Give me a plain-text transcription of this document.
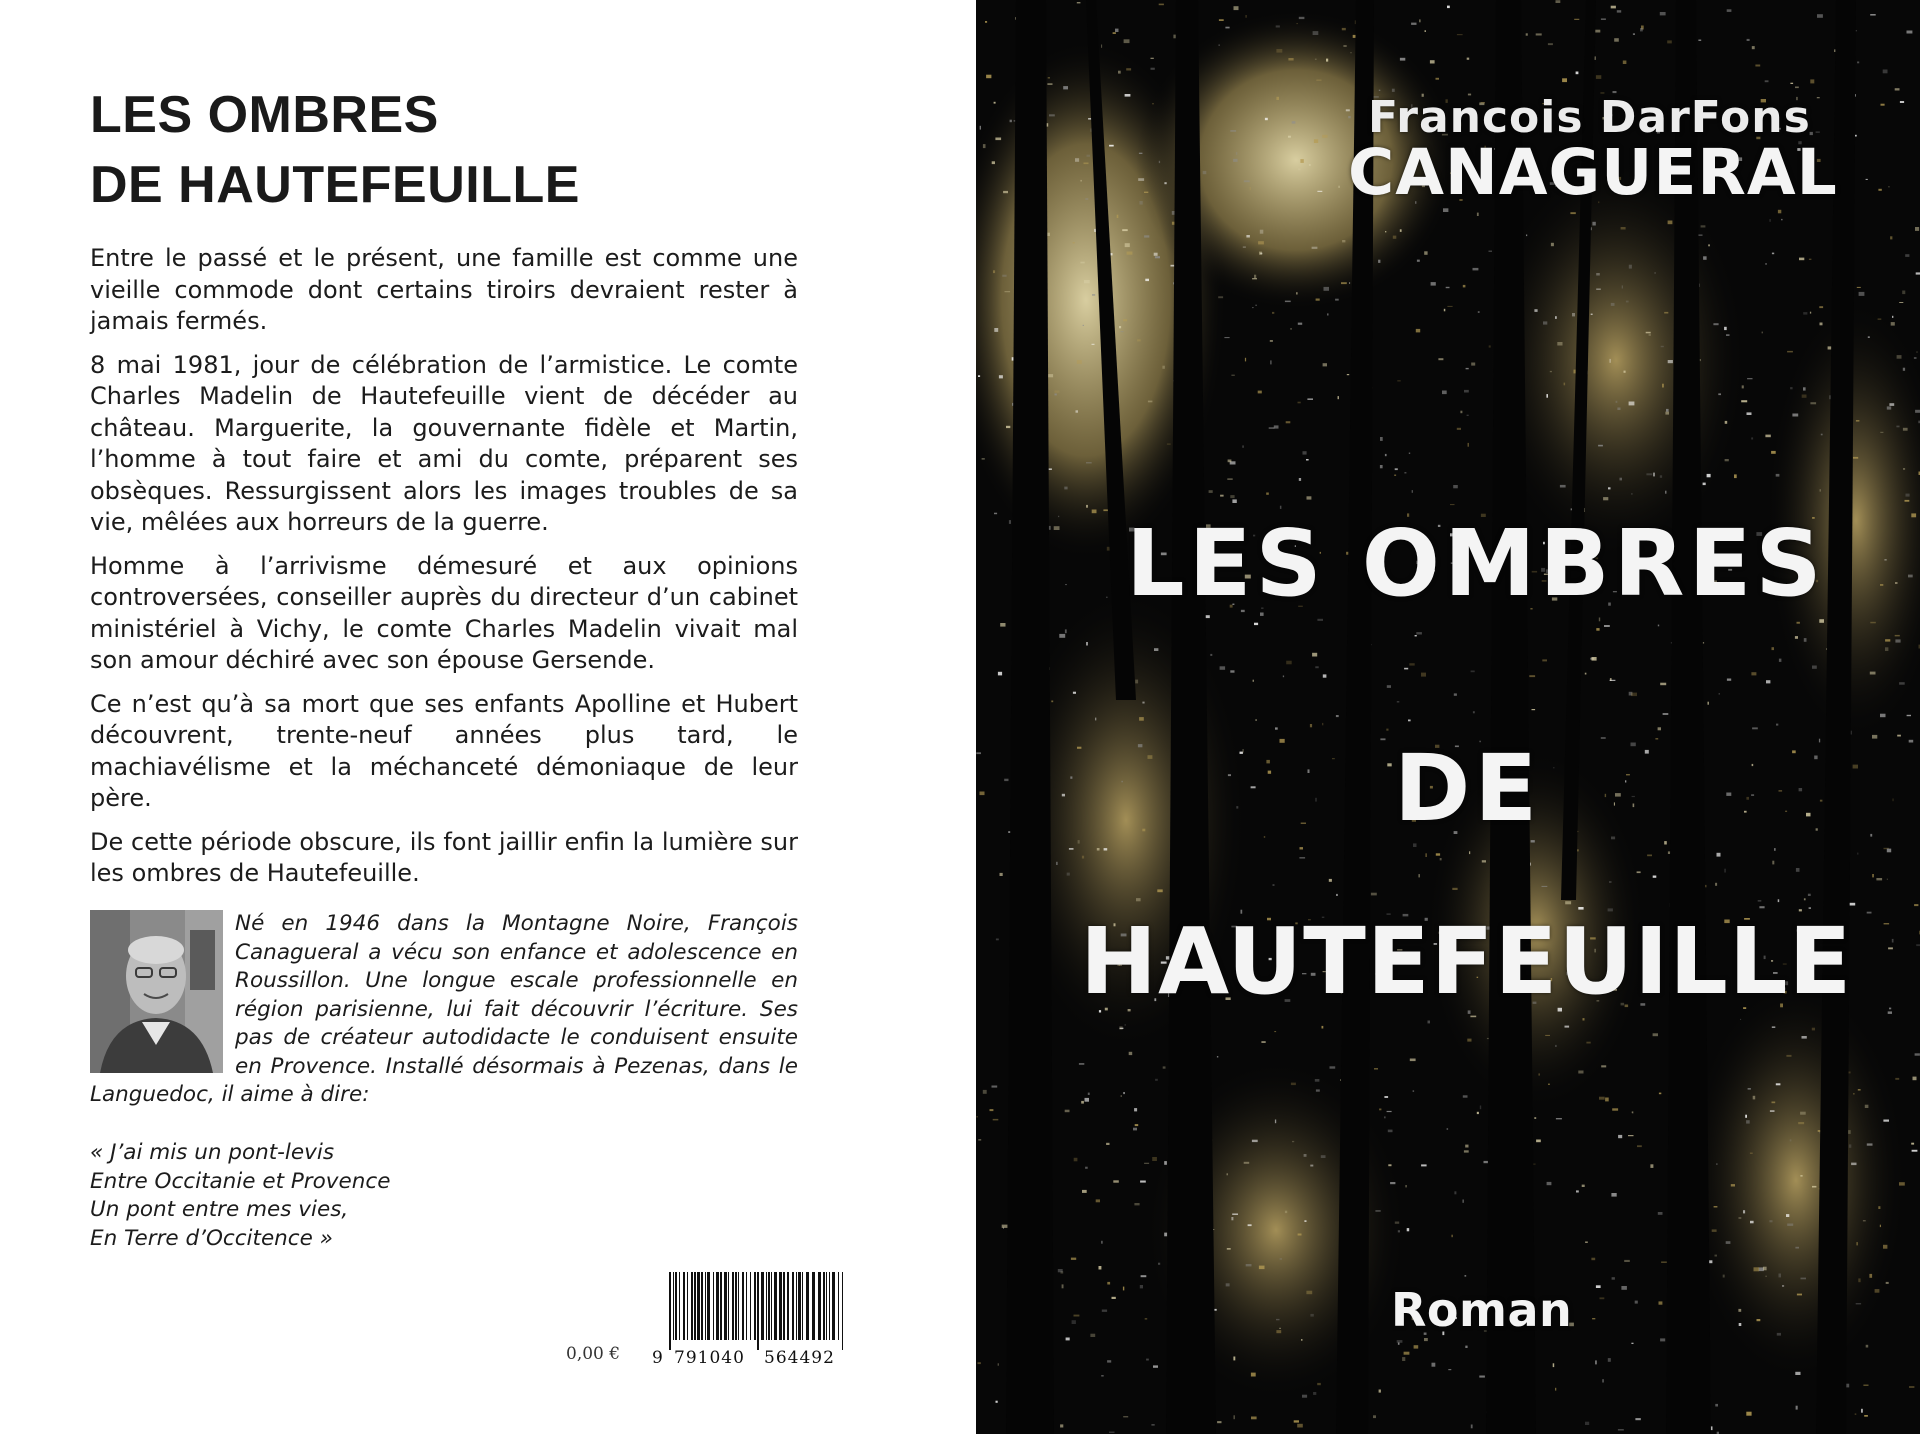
LES OMBRES
DE HAUTEFEUILLE

Entre le passé et le présent, une famille est comme une vieille commode dont certains tiroirs devraient rester à jamais fermés.

8 mai 1981, jour de célébration de l’armistice. Le comte Charles Madelin de Hautefeuille vient de décéder au château. Marguerite, la gouvernante fidèle et Martin, l’homme à tout faire et ami du comte, préparent ses obsèques. Ressurgissent alors les images troubles de sa vie, mêlées aux horreurs de la guerre.

Homme à l’arrivisme démesuré et aux opinions controversées, conseiller auprès du directeur d’un cabinet ministériel à Vichy, le comte Charles Madelin vivait mal son amour déchiré avec son épouse Gersende.

Ce n’est qu’à sa mort que ses enfants Apolline et Hubert découvrent, trente-neuf années plus tard, le machiavélisme et la méchanceté démoniaque de leur père.

De cette période obscure, ils font jaillir enfin la lumière sur les ombres de Hautefeuille.

Né en 1946 dans la Montagne Noire, François Canagueral a vécu son enfance et adolescence en Roussillon. Une longue escale professionnelle en région parisienne, lui fait découvrir l’écriture. Ses pas de créateur autodidacte le conduisent ensuite en Provence. Installé désormais à Pezenas, dans le Languedoc, il aime à dire:

« J’ai mis un pont-levis
Entre Occitanie et Provence
Un pont entre mes vies,
En Terre d’Occitence »
0,00 € 9 791040 564492
Francois DarFons
CANAGUERAL
LES OMBRES
DE
HAUTEFEUILLE
Roman
